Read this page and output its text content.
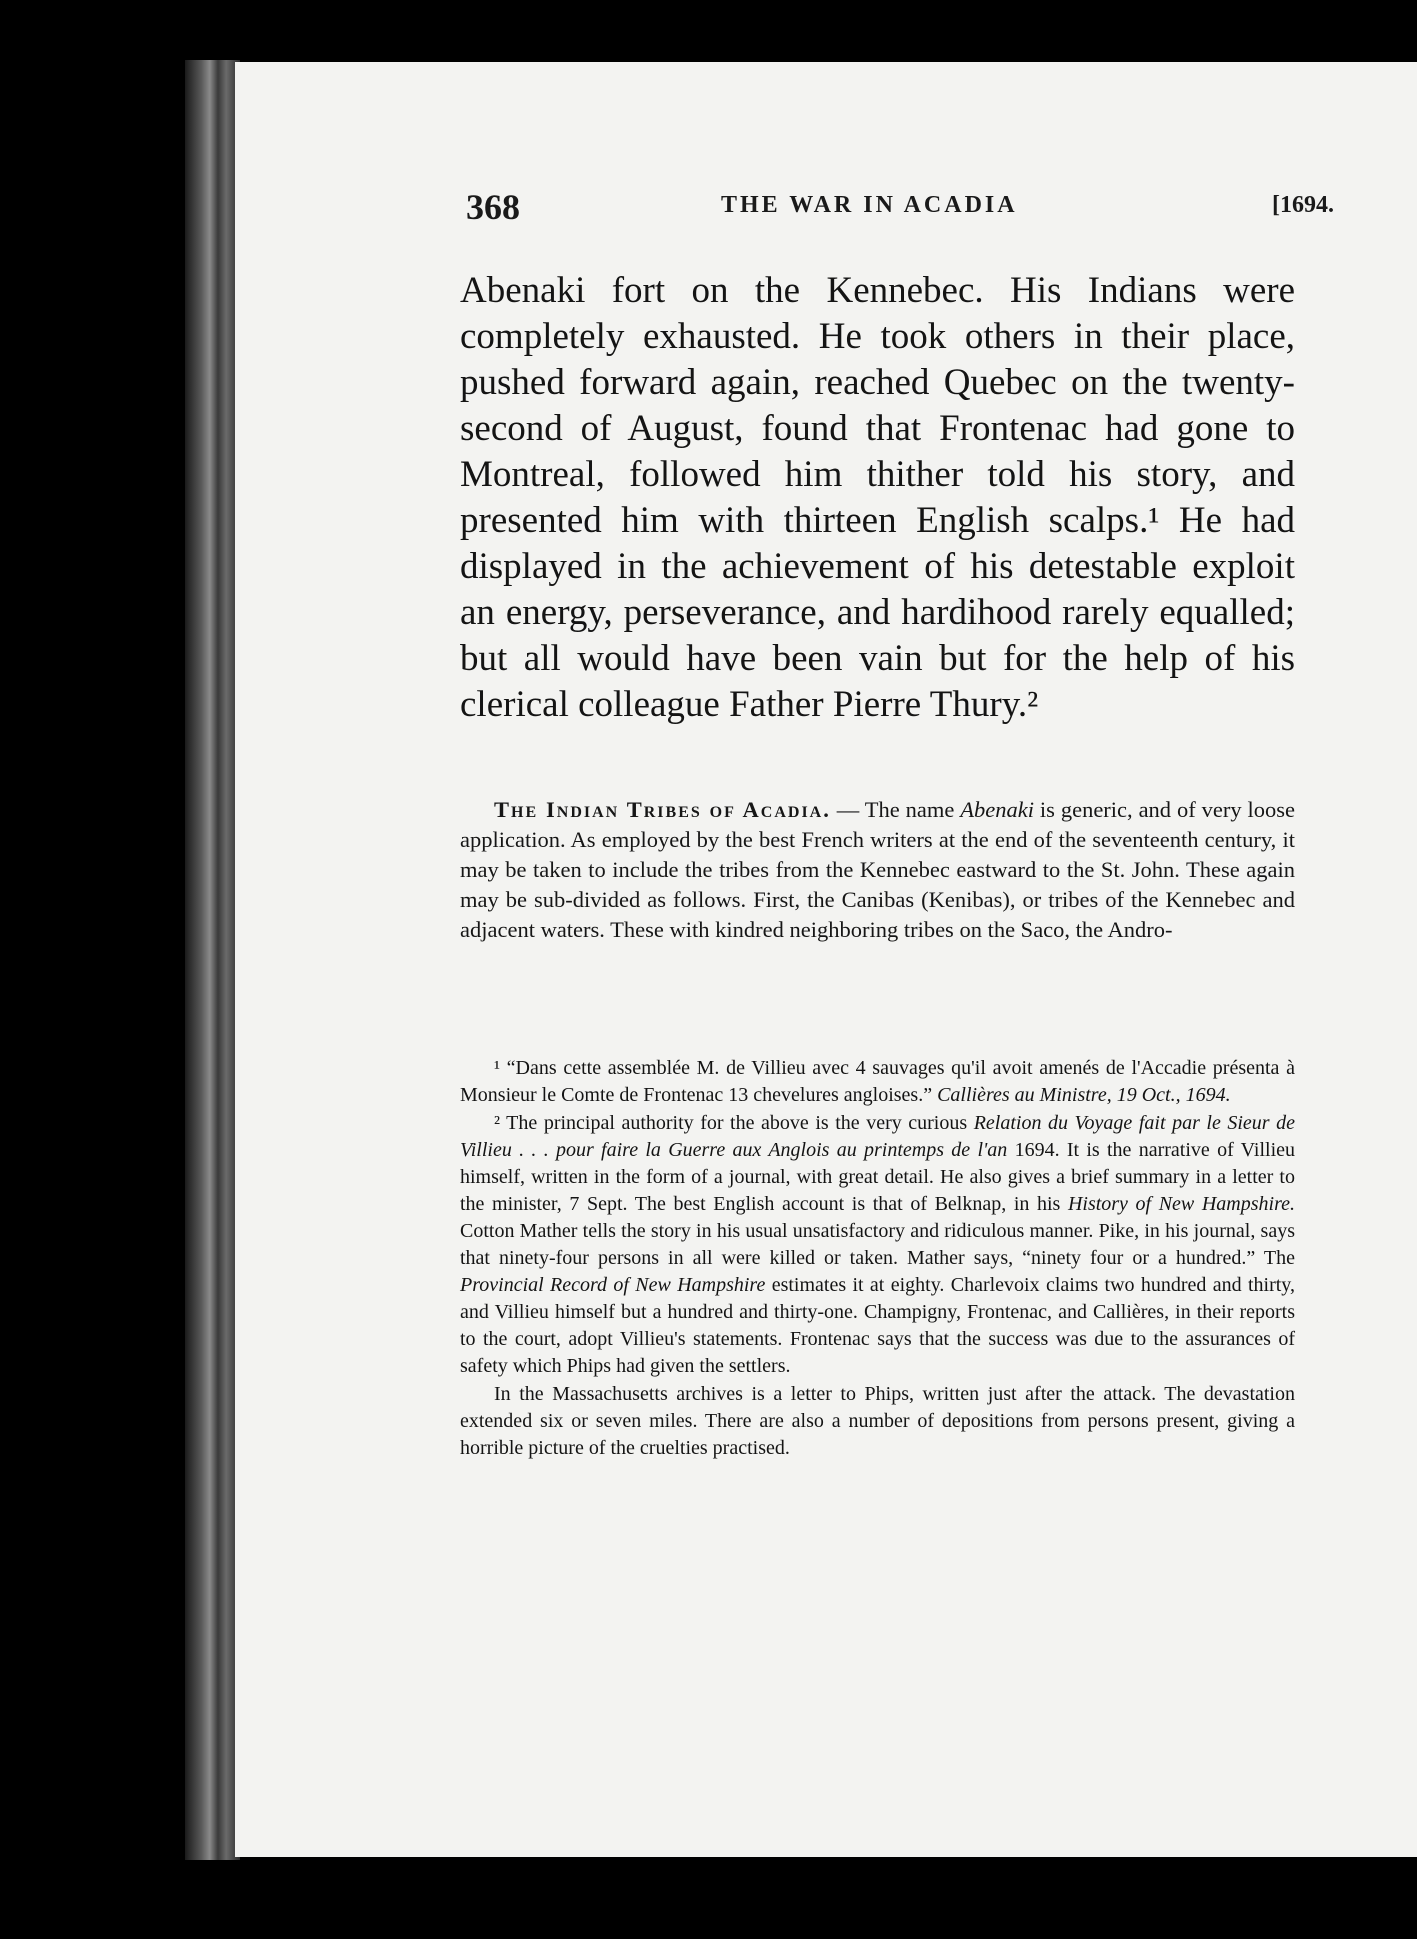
368	THE WAR IN ACADIA	[1694.
Abenaki fort on the Kennebec. His Indians were completely exhausted. He took others in their place, pushed forward again, reached Quebec on the twenty-second of August, found that Frontenac had gone to Montreal, followed him thither told his story, and presented him with thirteen English scalps.¹ He had displayed in the achievement of his detestable exploit an energy, perseverance, and hardihood rarely equalled; but all would have been vain but for the help of his clerical colleague Father Pierre Thury.²
The Indian Tribes of Acadia. — The name Abenaki is generic, and of very loose application. As employed by the best French writers at the end of the seventeenth century, it may be taken to include the tribes from the Kennebec eastward to the St. John. These again may be sub-divided as follows. First, the Canibas (Kenibas), or tribes of the Kennebec and adjacent waters. These with kindred neighboring tribes on the Saco, the Andro-

¹ “Dans cette assemblée M. de Villieu avec 4 sauvages qu'il avoit amenés de l'Accadie présenta à Monsieur le Comte de Frontenac 13 chevelures angloises.” Callières au Ministre, 19 Oct., 1694.

² The principal authority for the above is the very curious Relation du Voyage fait par le Sieur de Villieu . . . pour faire la Guerre aux Anglois au printemps de l'an 1694. It is the narrative of Villieu himself, written in the form of a journal, with great detail. He also gives a brief summary in a letter to the minister, 7 Sept. The best English account is that of Belknap, in his History of New Hampshire. Cotton Mather tells the story in his usual unsatisfactory and ridiculous manner. Pike, in his journal, says that ninety-four persons in all were killed or taken. Mather says, “ninety four or a hundred.” The Provincial Record of New Hampshire estimates it at eighty. Charlevoix claims two hundred and thirty, and Villieu himself but a hundred and thirty-one. Champigny, Frontenac, and Callières, in their reports to the court, adopt Villieu's statements. Frontenac says that the success was due to the assurances of safety which Phips had given the settlers.

In the Massachusetts archives is a letter to Phips, written just after the attack. The devastation extended six or seven miles. There are also a number of depositions from persons present, giving a horrible picture of the cruelties practised.
